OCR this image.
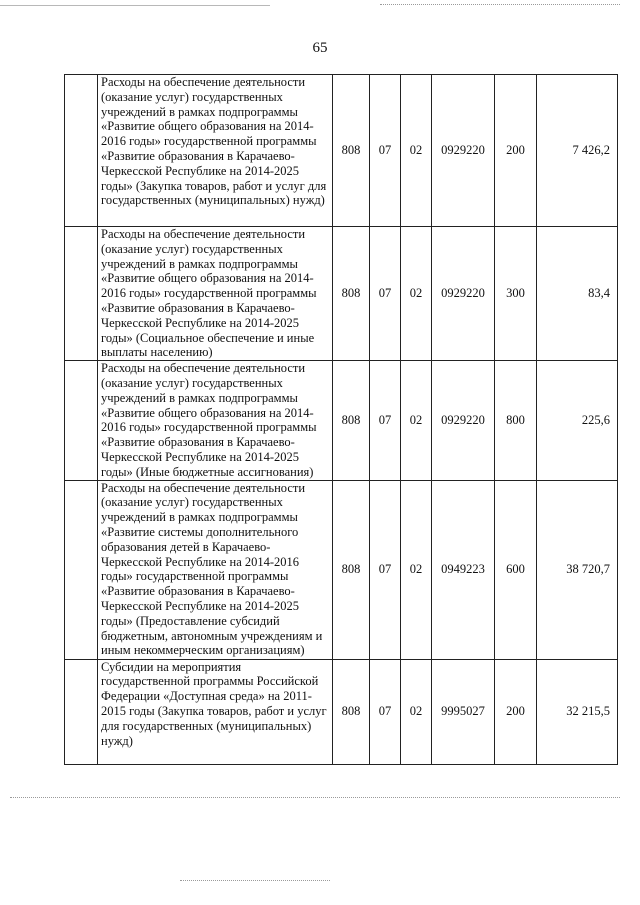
65
	Расходы на обеспечение деятельности (оказание услуг) государственных учреждений в рамках подпрограммы «Развитие общего образования на 2014-2016 годы» государственной программы «Развитие образования в Карачаево-Черкесской Республике на 2014-2025 годы» (Закупка товаров, работ и услуг для государственных (муниципальных) нужд)	808	07	02	0929220	200	7 426,2
	Расходы на обеспечение деятельности (оказание услуг) государственных учреждений в рамках подпрограммы «Развитие общего образования на 2014-2016 годы» государственной программы «Развитие образования в Карачаево-Черкесской Республике на 2014-2025 годы» (Социальное обеспечение и иные выплаты населению)	808	07	02	0929220	300	83,4
	Расходы на обеспечение деятельности (оказание услуг) государственных учреждений в рамках подпрограммы «Развитие общего образования на 2014-2016 годы» государственной программы «Развитие образования в Карачаево-Черкесской Республике на 2014-2025 годы» (Иные бюджетные ассигнования)	808	07	02	0929220	800	225,6
	Расходы на обеспечение деятельности (оказание услуг) государственных учреждений в рамках подпрограммы «Развитие системы дополнительного образования детей в Карачаево-Черкесской Республике на 2014-2016 годы» государственной программы «Развитие образования в Карачаево-Черкесской Республике на 2014-2025 годы» (Предоставление субсидий бюджетным, автономным учреждениям и иным некоммерческим организациям)	808	07	02	0949223	600	38 720,7
	Субсидии на мероприятия государственной программы Российской Федерации «Доступная среда» на 2011-2015 годы (Закупка товаров, работ и услуг для государственных (муниципальных) нужд)	808	07	02	9995027	200	32 215,5
